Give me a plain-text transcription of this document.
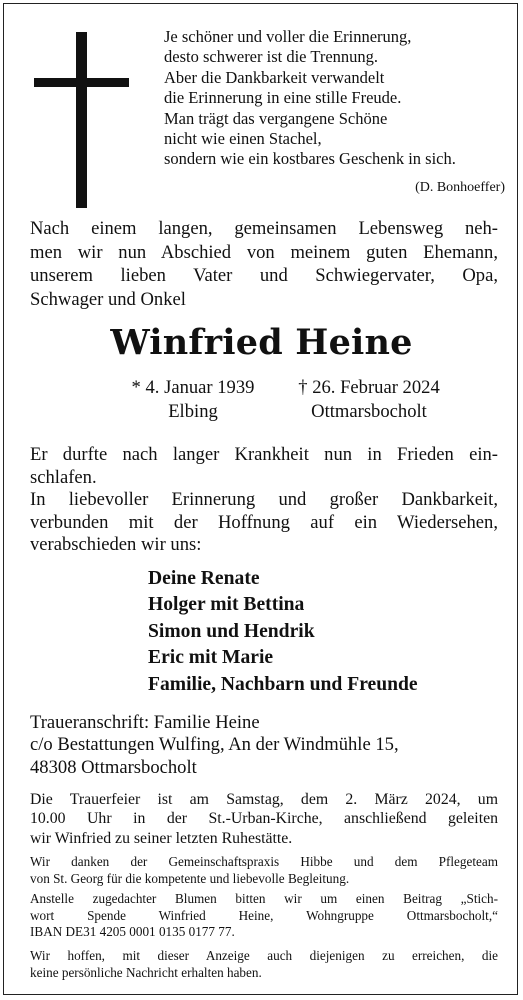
Je schöner und voller die Erinnerung,
desto schwerer ist die Trennung.
Aber die Dankbarkeit verwandelt
die Erinnerung in eine stille Freude.
Man trägt das vergangene Schöne
nicht wie einen Stachel,
sondern wie ein kostbares Geschenk in sich.
(D. Bonhoeffer)
Nach einem langen, gemeinsamen Lebensweg neh-
men wir nun Abschied von meinem guten Ehemann,
unserem lieben Vater und Schwiegervater, Opa,
Schwager und Onkel
Winfried Heine
* 4. Januar 1939
Elbing
† 26. Februar 2024
Ottmarsbocholt
Er durfte nach langer Krankheit nun in Frieden ein-
schlafen.
In liebevoller Erinnerung und großer Dankbarkeit,
verbunden mit der Hoffnung auf ein Wiedersehen,
verabschieden wir uns:
Deine Renate
Holger mit Bettina
Simon und Hendrik
Eric mit Marie
Familie, Nachbarn und Freunde
Traueranschrift: Familie Heine
c/o Bestattungen Wulfing, An der Windmühle 15,
48308 Ottmarsbocholt
Die Trauerfeier ist am Samstag, dem 2. März 2024, um
10.00 Uhr in der St.-Urban-Kirche, anschließend geleiten
wir Winfried zu seiner letzten Ruhestätte.
Wir danken der Gemeinschaftspraxis Hibbe und dem Pflegeteam
von St. Georg für die kompetente und liebevolle Begleitung.
Anstelle zugedachter Blumen bitten wir um einen Beitrag „Stich-
wort Spende Winfried Heine, Wohngruppe Ottmarsbocholt,“
IBAN DE31 4205 0001 0135 0177 77.
Wir hoffen, mit dieser Anzeige auch diejenigen zu erreichen, die
keine persönliche Nachricht erhalten haben.
